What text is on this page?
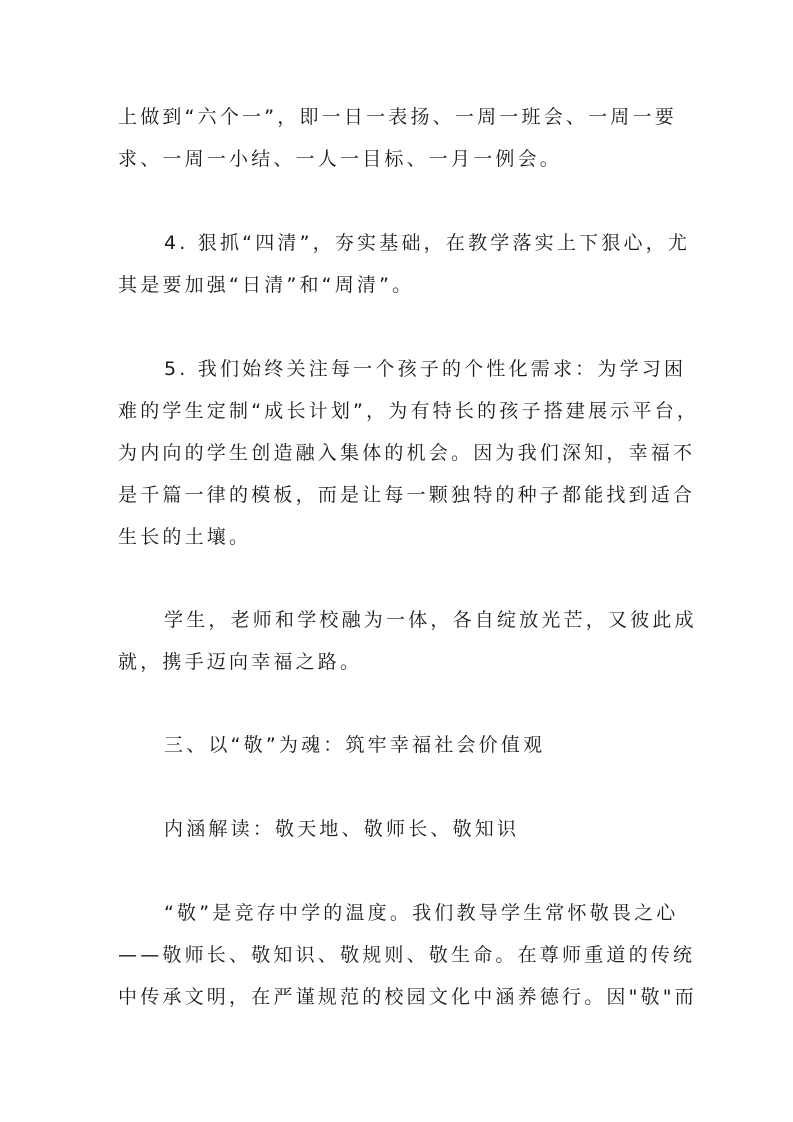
上做到“六个一”，即一日一表扬、一周一班会、一周一要
求、一周一小结、一人一目标、一月一例会。
4. 狠抓“四清”，夯实基础，在教学落实上下狠心，尤
其是要加强“日清”和“周清”。
5. 我们始终关注每一个孩子的个性化需求：为学习困
难的学生定制“成长计划”，为有特长的孩子搭建展示平台，
为内向的学生创造融入集体的机会。因为我们深知，幸福不
是千篇一律的模板，而是让每一颗独特的种子都能找到适合
生长的土壤。
学生，老师和学校融为一体，各自绽放光芒，又彼此成
就，携手迈向幸福之路。
三、以“敬”为魂：筑牢幸福社会价值观
内涵解读：敬天地、敬师长、敬知识
“敬”是竞存中学的温度。我们教导学生常怀敬畏之心
——敬师长、敬知识、敬规则、敬生命。在尊师重道的传统
中传承文明，在严谨规范的校园文化中涵养德行。因"敬"而
